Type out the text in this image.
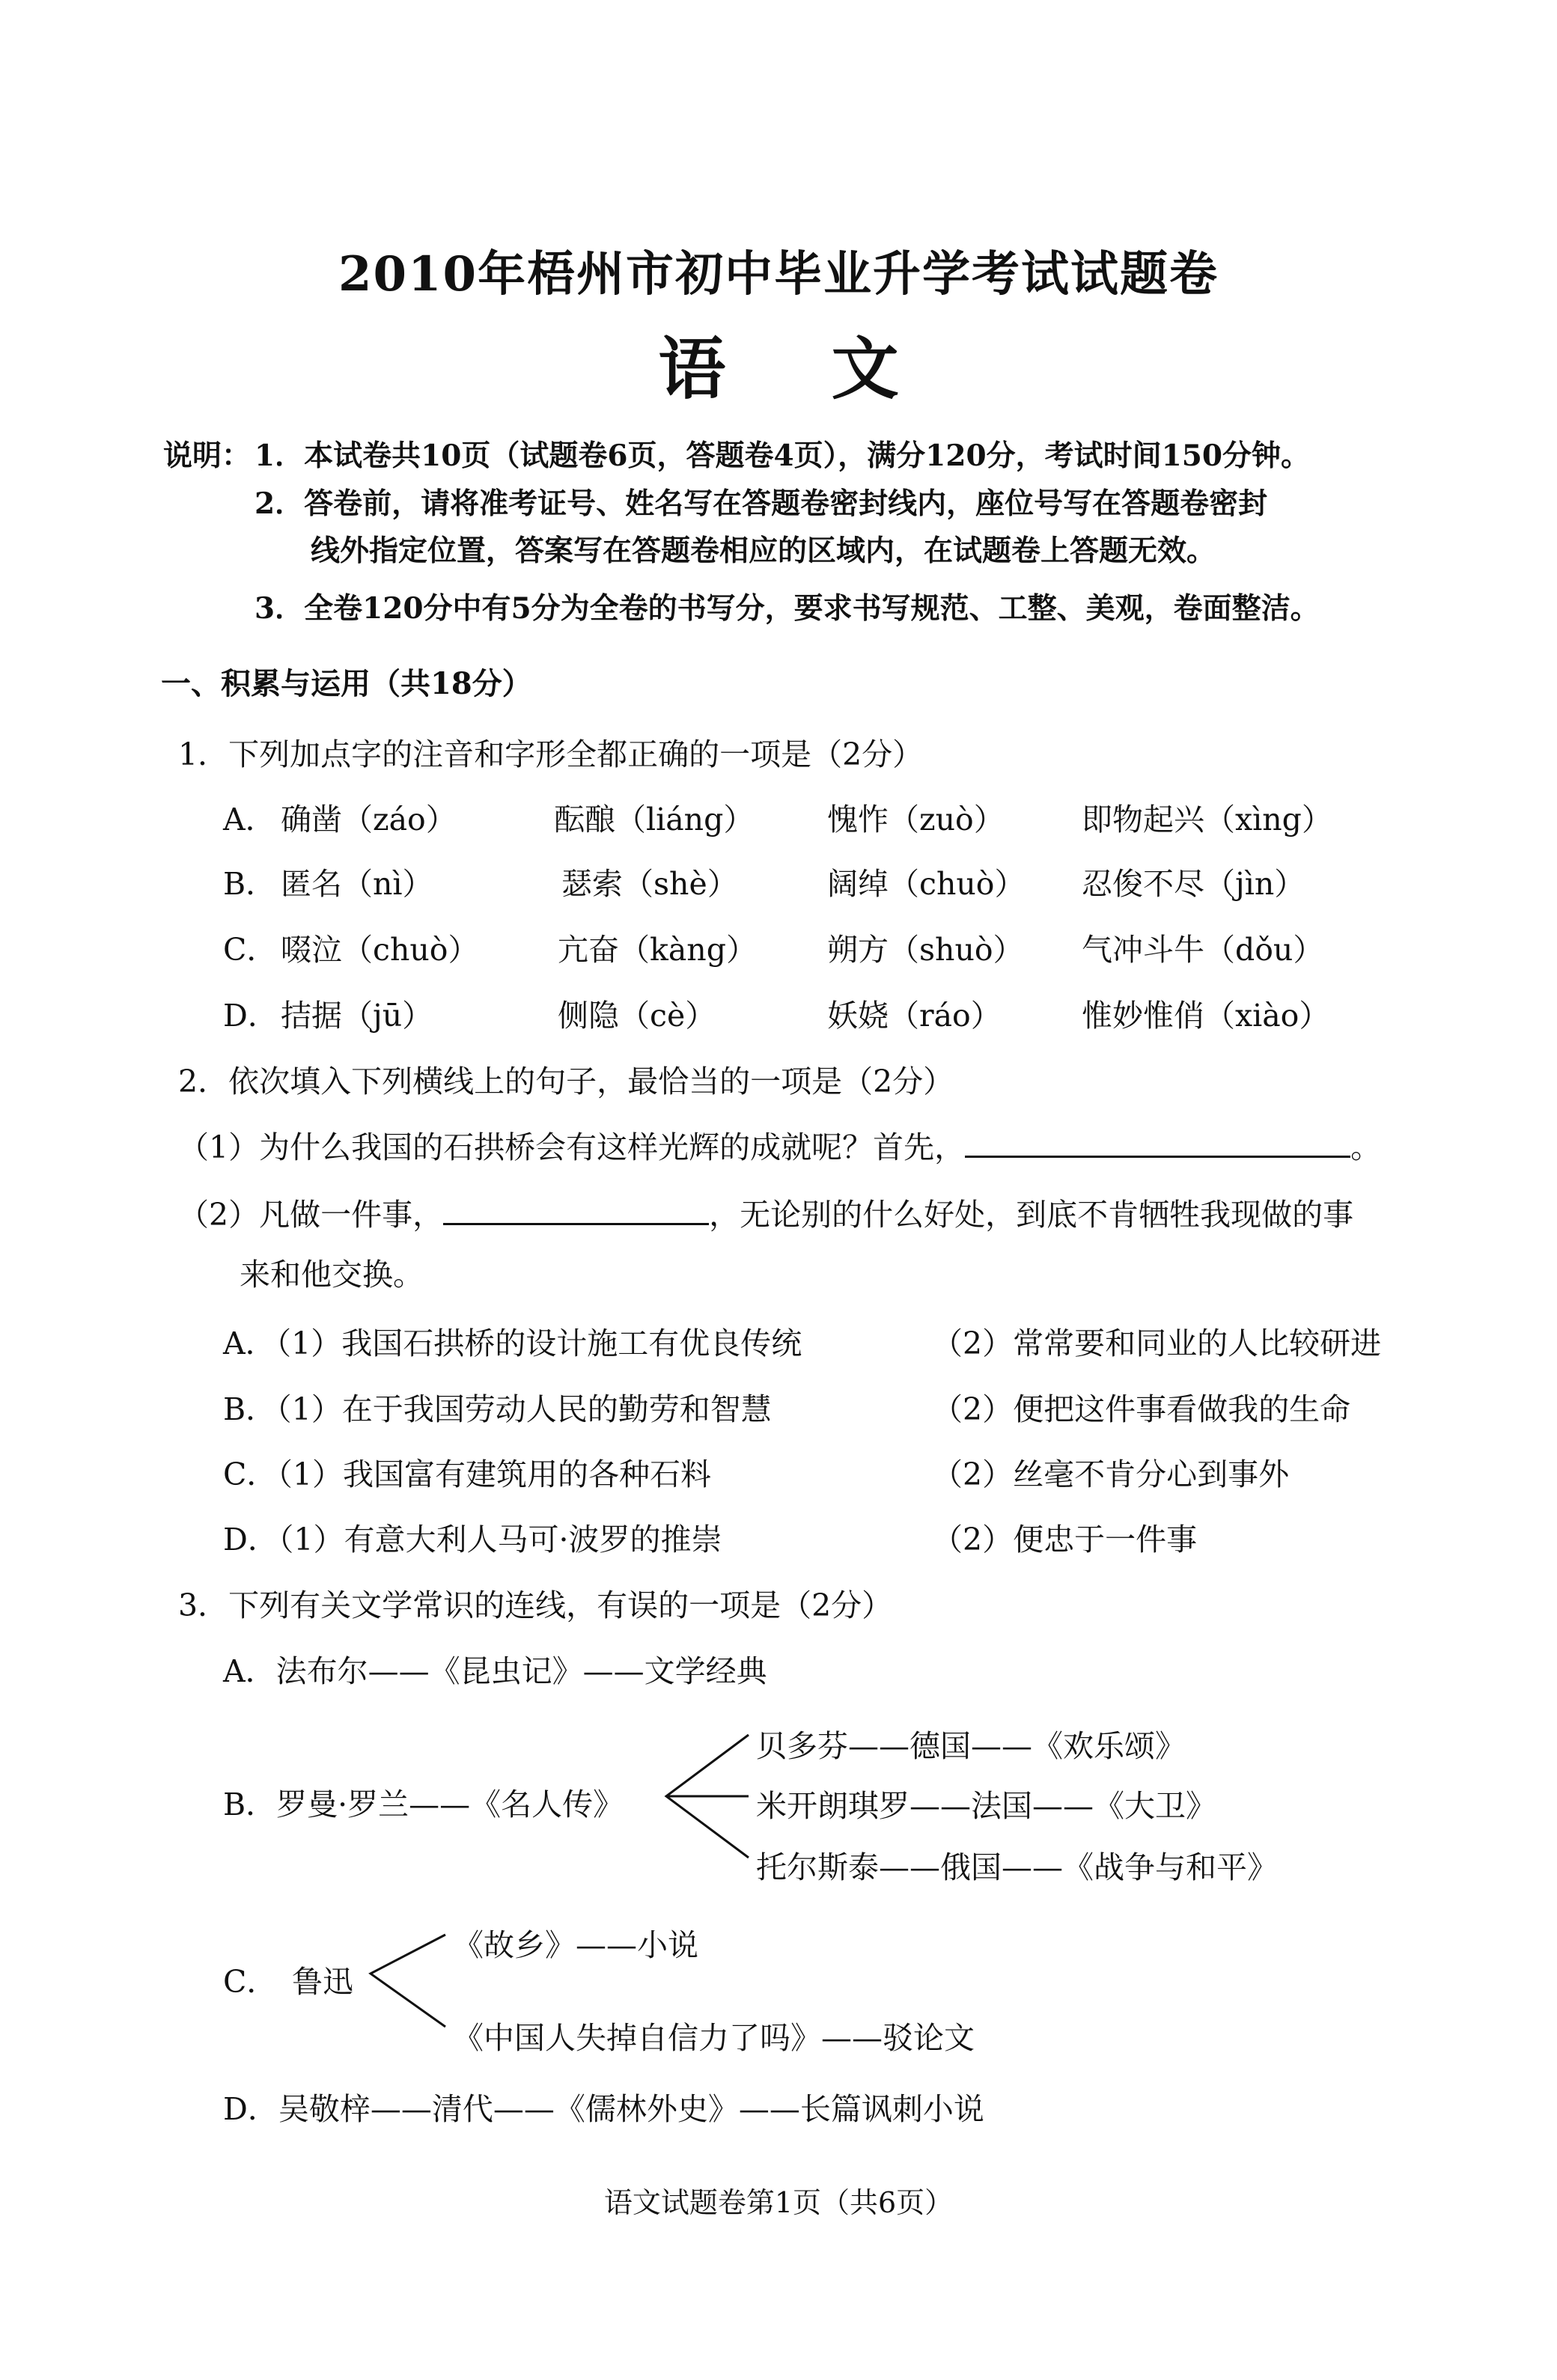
2010年梧州市初中毕业升学考试试题卷
语 文
说明： 1．本试卷共10页（试题卷6页，答题卷4页），满分120分，考试时间150分钟。
2．答卷前，请将准考证号、姓名写在答题卷密封线内，座位号写在答题卷密封
线外指定位置，答案写在答题卷相应的区域内，在试题卷上答题无效。
3．全卷120分中有5分为全卷的书写分，要求书写规范、工整、美观，卷面整洁。
一、积累与运用（共18分）
1．下列加点字的注音和字形全都正确的一项是（2分）
A． 确凿（záo）	酝酿（liáng） 愧怍（zuò）	即物起兴（xìng）
B． 匿名（nì）	瑟索（shè）	阔绰（chuò） 忍俊不尽（jìn）
C． 啜泣（chuò）	亢奋（kàng） 朔方（shuò） 气冲斗牛（dǒu）
D． 拮据（jū）	侧隐（cè）	妖娆（ráo）	惟妙惟俏（xiào）
2．依次填入下列横线上的句子，最恰当的一项是（2分）
（1）为什么我国的石拱桥会有这样光辉的成就呢？首先，	。
（2）凡做一件事，	，无论别的什么好处，到底不肯牺牲我现做的事
来和他交换。
A．（1）我国石拱桥的设计施工有优良传统	（2）常常要和同业的人比较研进
B．（1）在于我国劳动人民的勤劳和智慧	（2）便把这件事看做我的生命
C．（1）我国富有建筑用的各种石料	（2）丝毫不肯分心到事外
D．（1）有意大利人马可·波罗的推崇	（2）便忠于一件事
3．下列有关文学常识的连线，有误的一项是（2分）
A．法布尔——《昆虫记》——文学经典
B．罗曼·罗兰——《名人传》
贝多芬——德国——《欢乐颂》
米开朗琪罗——法国——《大卫》
托尔斯泰——俄国——《战争与和平》
C． 鲁迅
《故乡》——小说
《中国人失掉自信力了吗》——驳论文
D．吴敬梓——清代——《儒林外史》——长篇讽刺小说
语文试题卷第1页（共6页）
